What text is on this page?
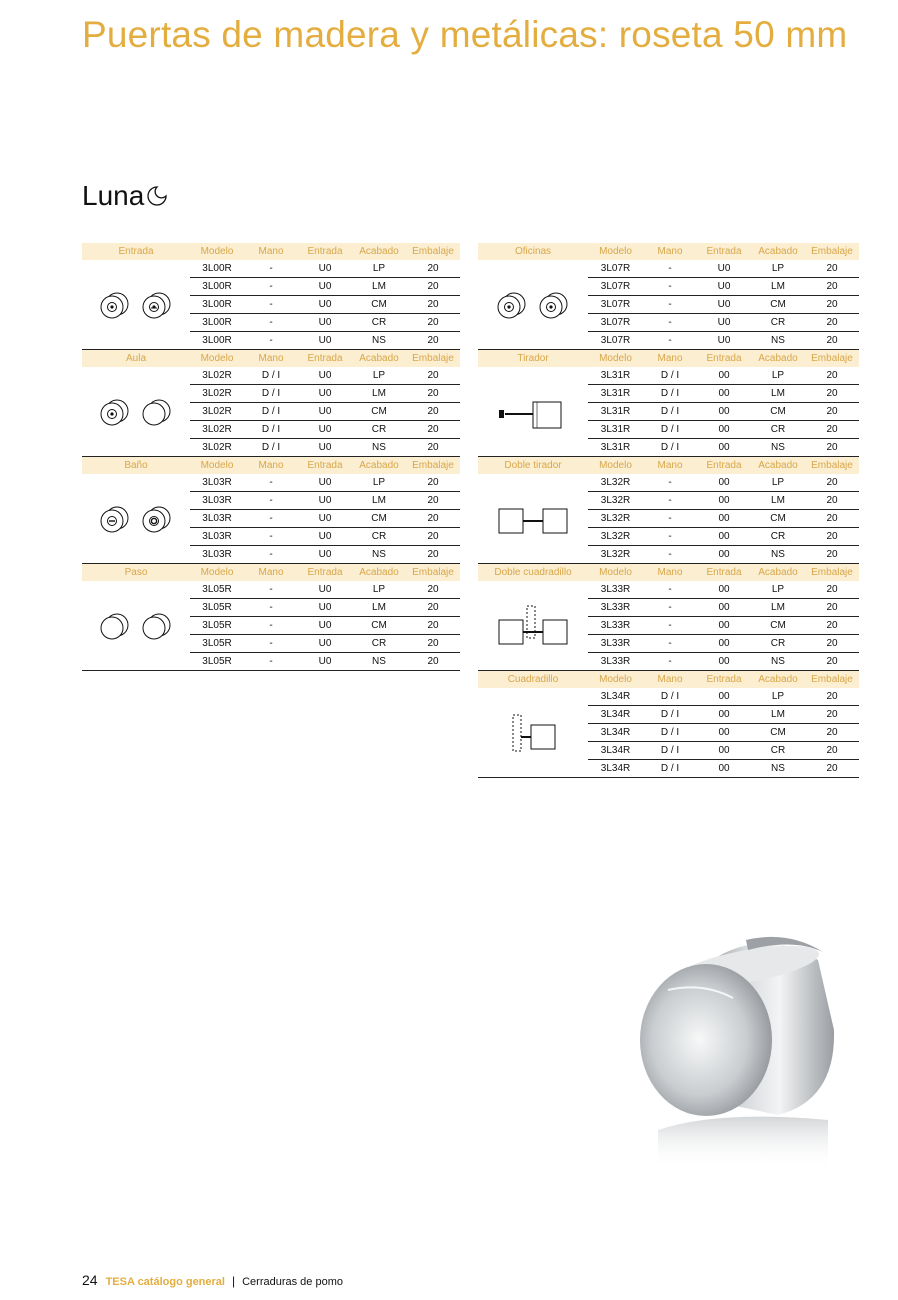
Puertas de madera y metálicas: roseta 50 mm
Luna
Entrada	Modelo	Mano	Entrada	Acabado	Embalaje

	3L00R	-	U0	LP	20
	3L00R	-	U0	LM	20
	3L00R	-	U0	CM	20
	3L00R	-	U0	CR	20
	3L00R	-	U0	NS	20
Aula	Modelo	Mano	Entrada	Acabado	Embalaje

	3L02R	D / I	U0	LP	20
	3L02R	D / I	U0	LM	20
	3L02R	D / I	U0	CM	20
	3L02R	D / I	U0	CR	20
	3L02R	D / I	U0	NS	20
Baño	Modelo	Mano	Entrada	Acabado	Embalaje

	3L03R	-	U0	LP	20
	3L03R	-	U0	LM	20
	3L03R	-	U0	CM	20
	3L03R	-	U0	CR	20
	3L03R	-	U0	NS	20
Paso	Modelo	Mano	Entrada	Acabado	Embalaje

	3L05R	-	U0	LP	20
	3L05R	-	U0	LM	20
	3L05R	-	U0	CM	20
	3L05R	-	U0	CR	20
	3L05R	-	U0	NS	20
Oficinas	Modelo	Mano	Entrada	Acabado	Embalaje

	3L07R	-	U0	LP	20
	3L07R	-	U0	LM	20
	3L07R	-	U0	CM	20
	3L07R	-	U0	CR	20
	3L07R	-	U0	NS	20
Tirador	Modelo	Mano	Entrada	Acabado	Embalaje

	3L31R	D / I	00	LP	20
	3L31R	D / I	00	LM	20
	3L31R	D / I	00	CM	20
	3L31R	D / I	00	CR	20
	3L31R	D / I	00	NS	20
Doble tirador	Modelo	Mano	Entrada	Acabado	Embalaje

	3L32R	-	00	LP	20
	3L32R	-	00	LM	20
	3L32R	-	00	CM	20
	3L32R	-	00	CR	20
	3L32R	-	00	NS	20
Doble cuadradillo	Modelo	Mano	Entrada	Acabado	Embalaje

	3L33R	-	00	LP	20
	3L33R	-	00	LM	20
	3L33R	-	00	CM	20
	3L33R	-	00	CR	20
	3L33R	-	00	NS	20
Cuadradillo	Modelo	Mano	Entrada	Acabado	Embalaje

	3L34R	D / I	00	LP	20
	3L34R	D / I	00	LM	20
	3L34R	D / I	00	CM	20
	3L34R	D / I	00	CR	20
	3L34R	D / I	00	NS	20
24 TESA catálogo general | Cerraduras de pomo
